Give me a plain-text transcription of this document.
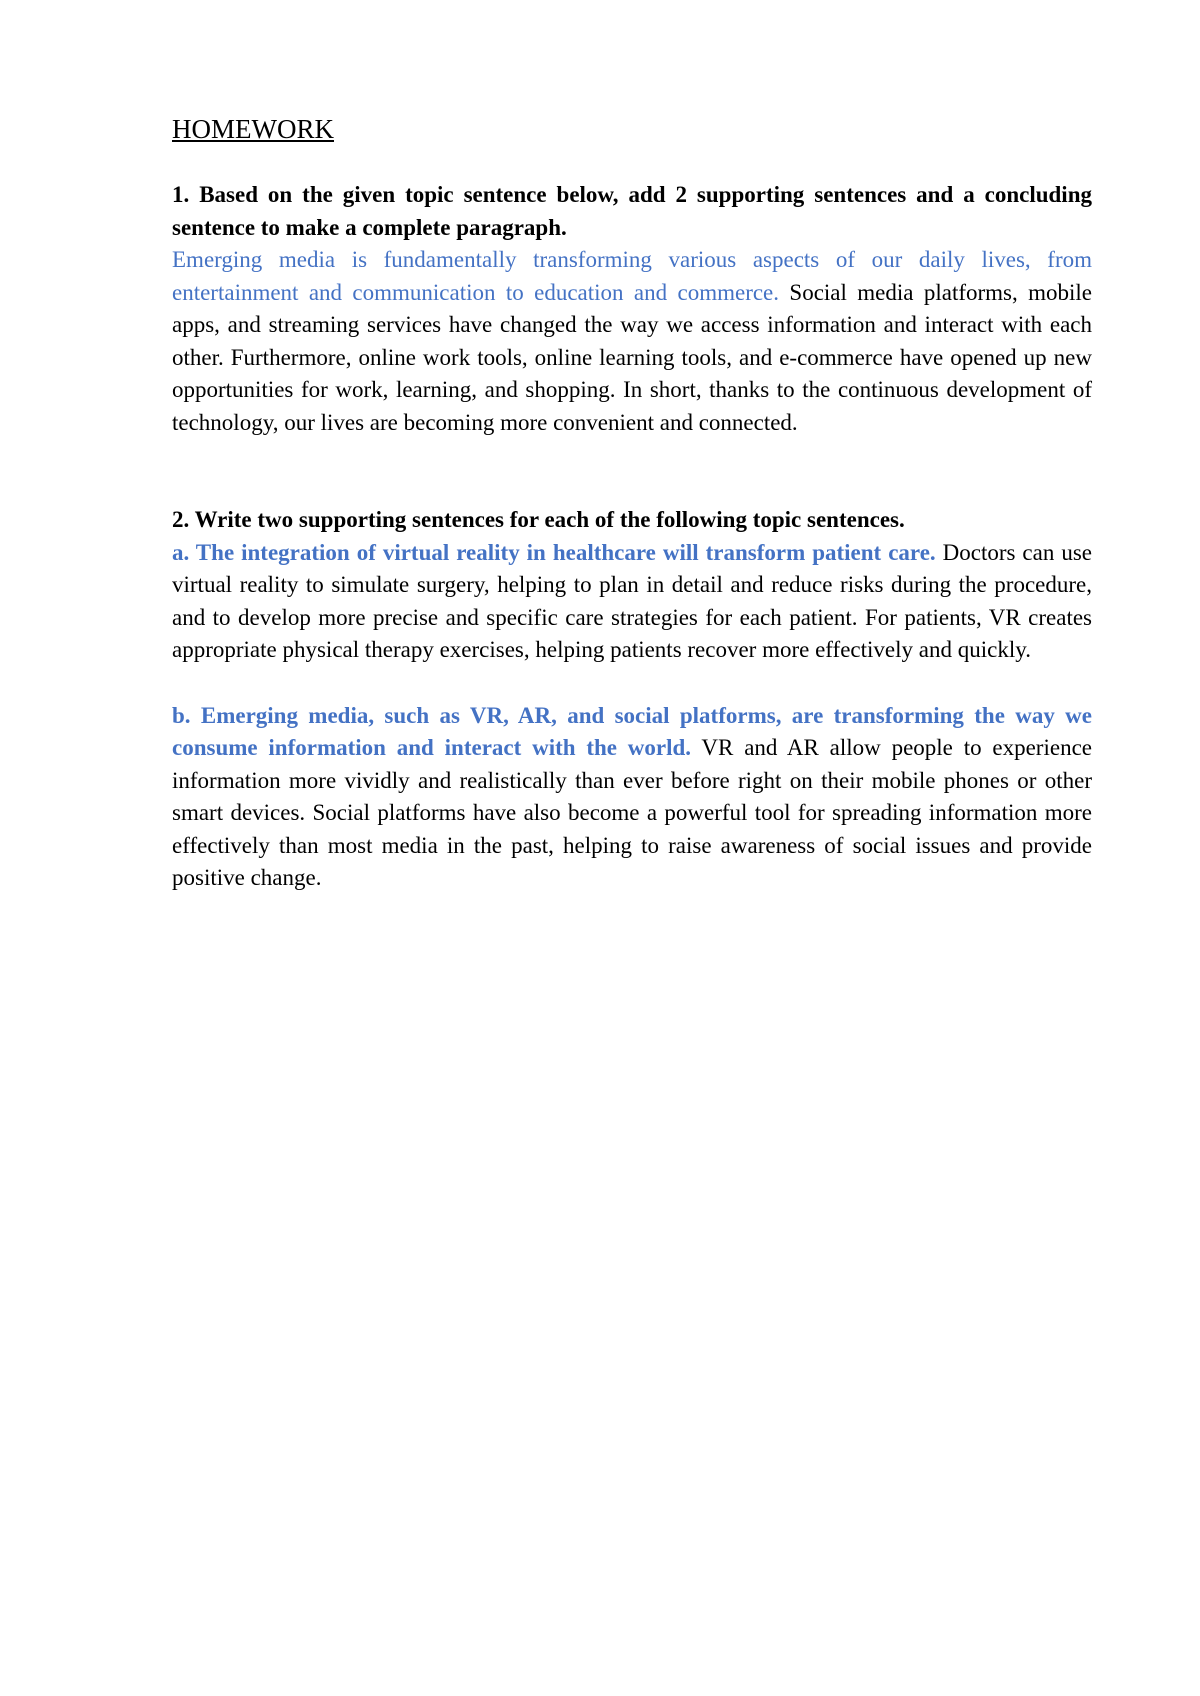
HOMEWORK

1. Based on the given topic sentence below, add 2 supporting sentences and a concluding sentence to make a complete paragraph.

Emerging media is fundamentally transforming various aspects of our daily lives, from entertainment and communication to education and commerce. Social media platforms, mobile apps, and streaming services have changed the way we access information and interact with each other. Furthermore, online work tools, online learning tools, and e-commerce have opened up new opportunities for work, learning, and shopping. In short, thanks to the continuous development of technology, our lives are becoming more convenient and connected.

2. Write two supporting sentences for each of the following topic sentences.

a. The integration of virtual reality in healthcare will transform patient care. Doctors can use virtual reality to simulate surgery, helping to plan in detail and reduce risks during the procedure, and to develop more precise and specific care strategies for each patient. For patients, VR creates appropriate physical therapy exercises, helping patients recover more effectively and quickly.

b. Emerging media, such as VR, AR, and social platforms, are transforming the way we consume information and interact with the world. VR and AR allow people to experience information more vividly and realistically than ever before right on their mobile phones or other smart devices. Social platforms have also become a powerful tool for spreading information more effectively than most media in the past, helping to raise awareness of social issues and provide positive change.
